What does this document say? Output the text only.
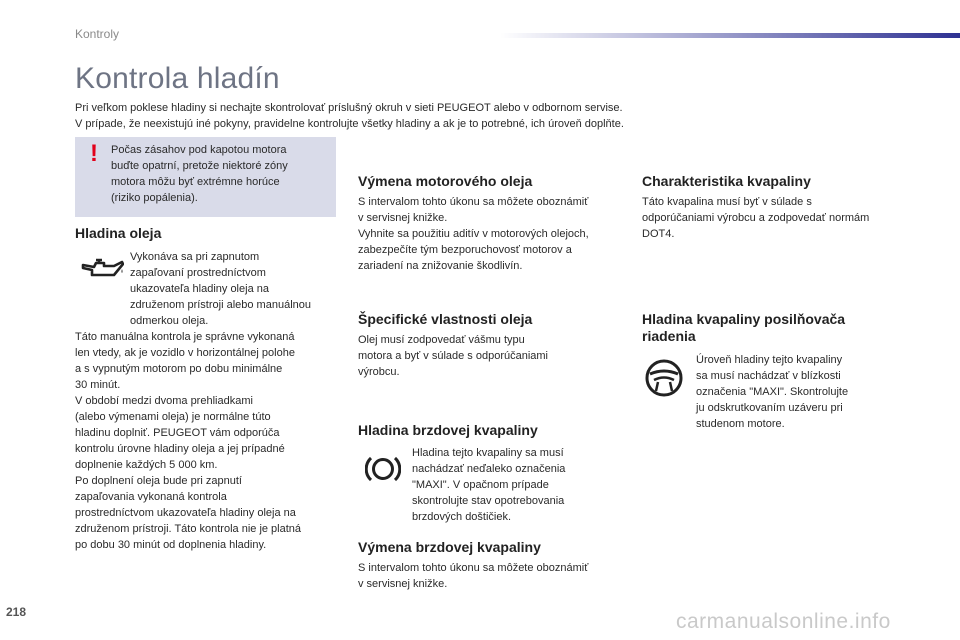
Kontroly
Kontrola hladín
Pri veľkom poklese hladiny si nechajte skontrolovať príslušný okruh v sieti PEUGEOT alebo v odbornom servise.
V prípade, že neexistujú iné pokyny, pravidelne kontrolujte všetky hladiny a ak je to potrebné, ich úroveň doplňte.
! Počas zásahov pod kapotou motora
buďte opatrní, pretože niektoré zóny
motora môžu byť extrémne horúce
(riziko popálenia).
Hladina oleja
Vykonáva sa pri zapnutom
zapaľovaní prostredníctvom
ukazovateľa hladiny oleja na
združenom prístroji alebo manuálnou
odmerkou oleja.
Táto manuálna kontrola je správne vykonaná
len vtedy, ak je vozidlo v horizontálnej polohe
a s vypnutým motorom po dobu minimálne
30 minút.
V období medzi dvoma prehliadkami
(alebo výmenami oleja) je normálne túto
hladinu doplniť. PEUGEOT vám odporúča
kontrolu úrovne hladiny oleja a jej prípadné
doplnenie každých 5 000 km.
Po doplnení oleja bude pri zapnutí
zapaľovania vykonaná kontrola
prostredníctvom ukazovateľa hladiny oleja na
združenom prístroji. Táto kontrola nie je platná
po dobu 30 minút od doplnenia hladiny.
Výmena motorového oleja
S intervalom tohto úkonu sa môžete oboznámiť
v servisnej knižke.
Vyhnite sa použitiu aditív v motorových olejoch,
zabezpečíte tým bezporuchovosť motorov a
zariadení na znižovanie škodlivín.
Špecifické vlastnosti oleja
Olej musí zodpovedať vášmu typu
motora a byť v súlade s odporúčaniami
výrobcu.
Hladina brzdovej kvapaliny
Hladina tejto kvapaliny sa musí
nachádzať neďaleko označenia
"MAXI". V opačnom prípade
skontrolujte stav opotrebovania
brzdových doštičiek.
Výmena brzdovej kvapaliny
S intervalom tohto úkonu sa môžete oboznámiť
v servisnej knižke.
Charakteristika kvapaliny
Táto kvapalina musí byť v súlade s
odporúčaniami výrobcu a zodpovedať normám
DOT4.
Hladina kvapaliny posilňovača
riadenia
Úroveň hladiny tejto kvapaliny
sa musí nachádzať v blízkosti
označenia "MAXI". Skontrolujte
ju odskrutkovaním uzáveru pri
studenom motore.
218	carmanualsonline.info
